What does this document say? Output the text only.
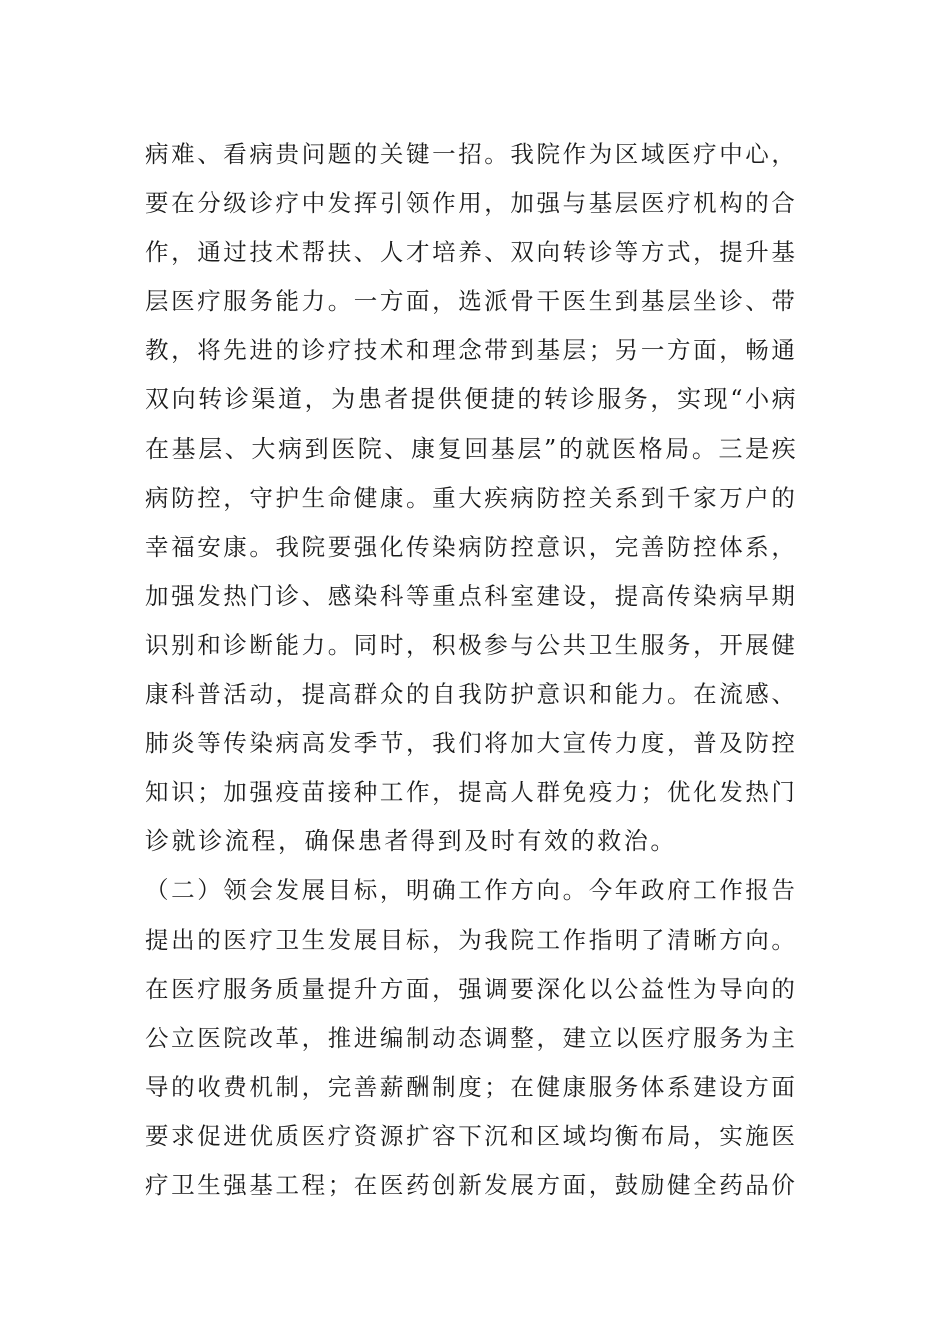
病难、看病贵问题的关键一招。我院作为区域医疗中心，
要在分级诊疗中发挥引领作用，加强与基层医疗机构的合
作，通过技术帮扶、人才培养、双向转诊等方式，提升基
层医疗服务能力。一方面，选派骨干医生到基层坐诊、带
教，将先进的诊疗技术和理念带到基层；另一方面，畅通
双向转诊渠道，为患者提供便捷的转诊服务，实现“小病
在基层、大病到医院、康复回基层”的就医格局。三是疾
病防控，守护生命健康。重大疾病防控关系到千家万户的
幸福安康。我院要强化传染病防控意识，完善防控体系，
加强发热门诊、感染科等重点科室建设，提高传染病早期
识别和诊断能力。同时，积极参与公共卫生服务，开展健
康科普活动，提高群众的自我防护意识和能力。在流感、
肺炎等传染病高发季节，我们将加大宣传力度，普及防控
知识；加强疫苗接种工作，提高人群免疫力；优化发热门
诊就诊流程，确保患者得到及时有效的救治。
（二）领会发展目标，明确工作方向。今年政府工作报告
提出的医疗卫生发展目标，为我院工作指明了清晰方向。
在医疗服务质量提升方面，强调要深化以公益性为导向的
公立医院改革，推进编制动态调整，建立以医疗服务为主
导的收费机制，完善薪酬制度；在健康服务体系建设方面
要求促进优质医疗资源扩容下沉和区域均衡布局，实施医
疗卫生强基工程；在医药创新发展方面，鼓励健全药品价
